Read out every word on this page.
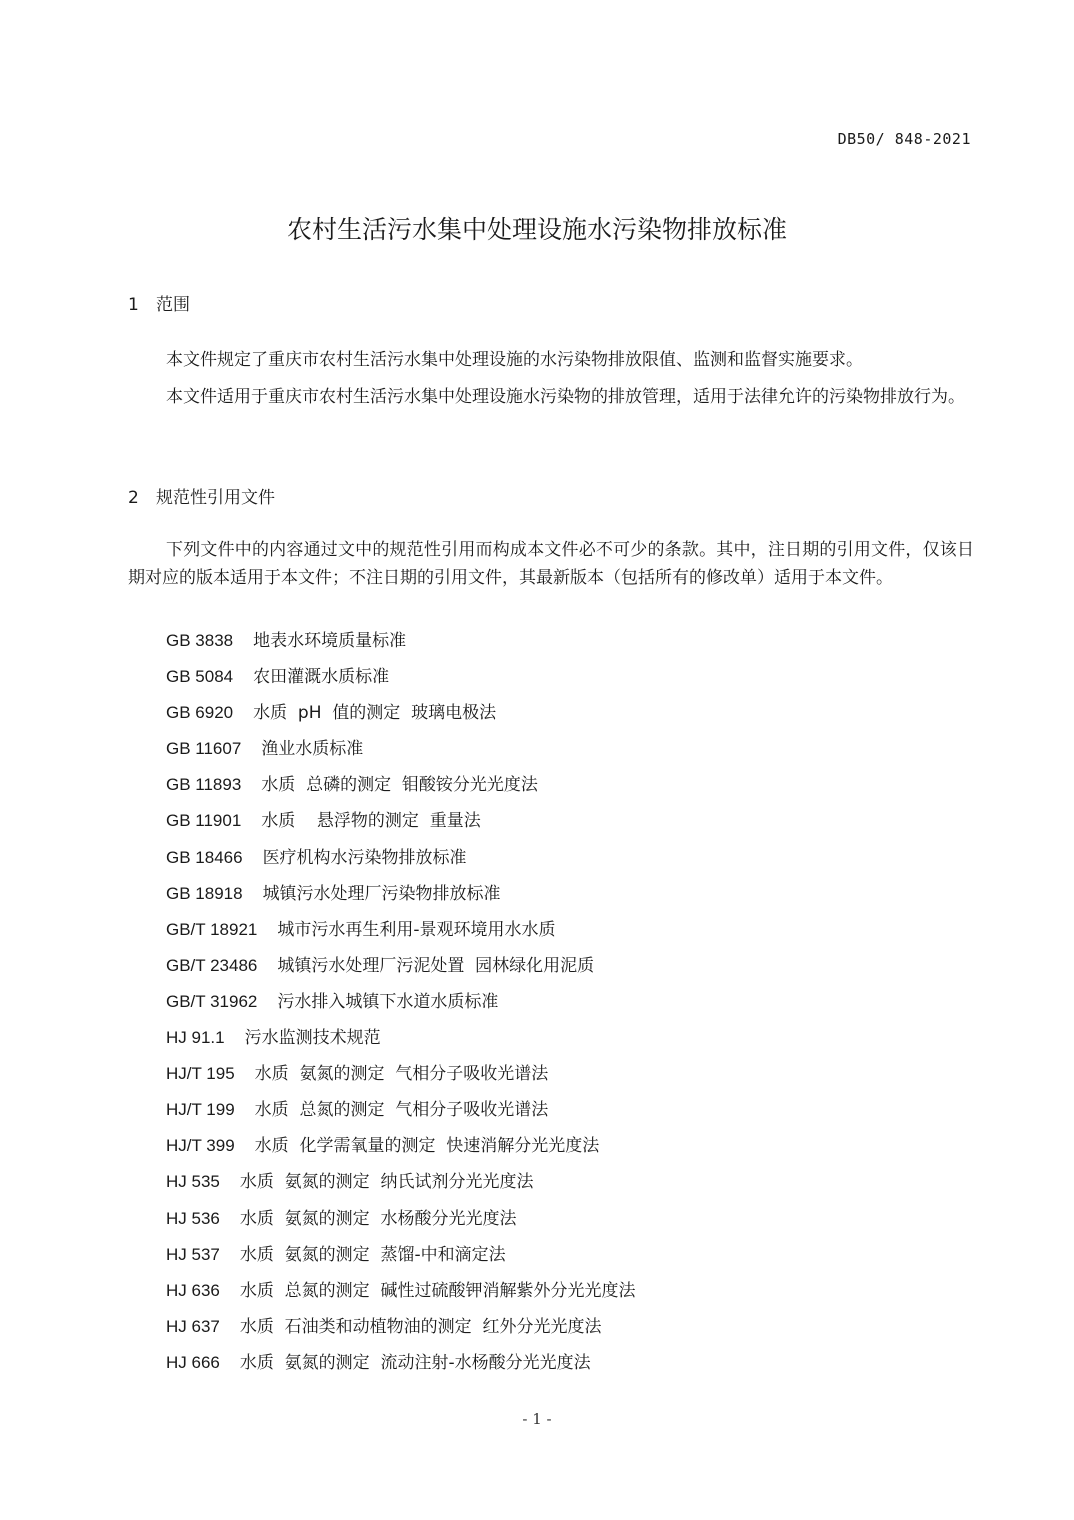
DB50/ 848-2021
农村生活污水集中处理设施水污染物排放标准
1 范围

本文件规定了重庆市农村生活污水集中处理设施的水污染物排放限值、监测和监督实施要求。

本文件适用于重庆市农村生活污水集中处理设施水污染物的排放管理，适用于法律允许的污染物排放行为。

2 规范性引用文件

下列文件中的内容通过文中的规范性引用而构成本文件必不可少的条款。其中，注日期的引用文件，仅该日期对应的版本适用于本文件；不注日期的引用文件，其最新版本（包括所有的修改单）适用于本文件。

GB 3838 地表水环境质量标准
GB 5084 农田灌溉水质标准
GB 6920 水质  pH  值的测定  玻璃电极法
GB 11607 渔业水质标准
GB 11893 水质  总磷的测定  钼酸铵分光光度法
GB 11901 水质    悬浮物的测定  重量法
GB 18466 医疗机构水污染物排放标准
GB 18918 城镇污水处理厂污染物排放标准
GB/T 18921 城市污水再生利用-景观环境用水水质
GB/T 23486 城镇污水处理厂污泥处置  园林绿化用泥质
GB/T 31962 污水排入城镇下水道水质标准
HJ 91.1 污水监测技术规范
HJ/T 195 水质  氨氮的测定  气相分子吸收光谱法
HJ/T 199 水质  总氮的测定  气相分子吸收光谱法
HJ/T 399 水质  化学需氧量的测定  快速消解分光光度法
HJ 535 水质  氨氮的测定  纳氏试剂分光光度法
HJ 536 水质  氨氮的测定  水杨酸分光光度法
HJ 537 水质  氨氮的测定  蒸馏-中和滴定法
HJ 636 水质  总氮的测定  碱性过硫酸钾消解紫外分光光度法
HJ 637 水质  石油类和动植物油的测定  红外分光光度法
HJ 666 水质  氨氮的测定  流动注射-水杨酸分光光度法
- 1 -
